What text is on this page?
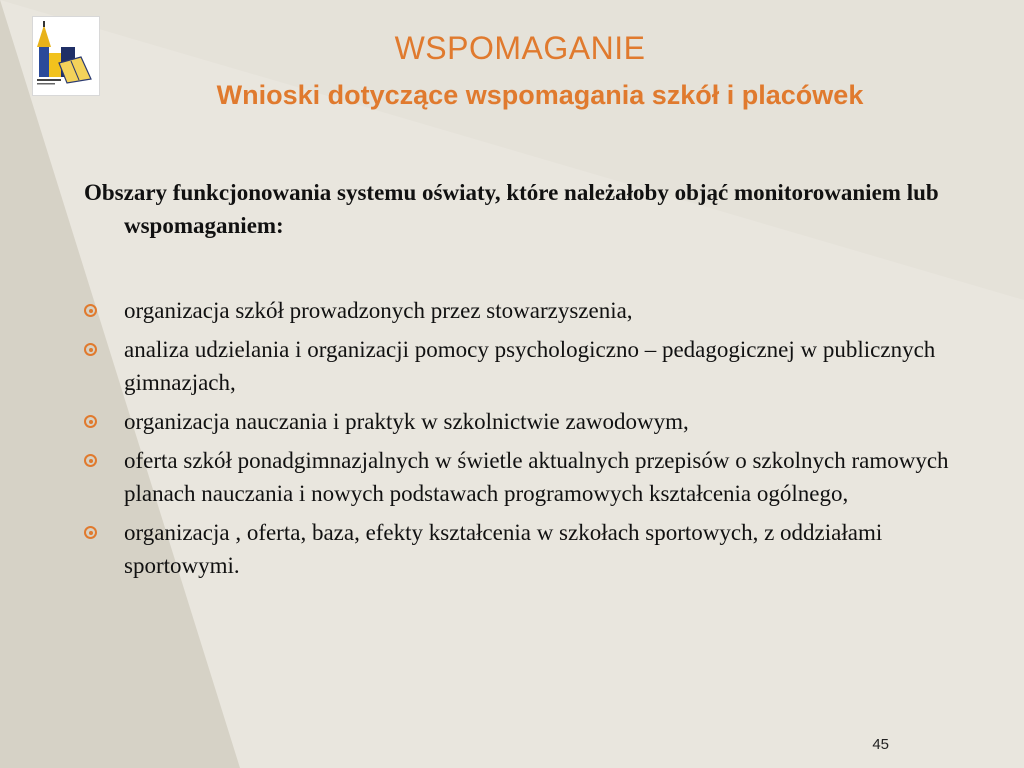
WSPOMAGANIE
Wnioski dotyczące wspomagania szkół i placówek

Obszary funkcjonowania systemu oświaty, które należałoby objąć monitorowaniem lub wspomaganiem:

organizacja szkół prowadzonych przez stowarzyszenia,
analiza udzielania i organizacji pomocy psychologiczno – pedagogicznej w publicznych gimnazjach,
organizacja nauczania i praktyk w szkolnictwie zawodowym,
oferta szkół ponadgimnazjalnych w świetle aktualnych przepisów o szkolnych ramowych planach nauczania i nowych podstawach programowych kształcenia ogólnego,
organizacja , oferta, baza, efekty kształcenia w szkołach sportowych, z oddziałami sportowymi.
45
